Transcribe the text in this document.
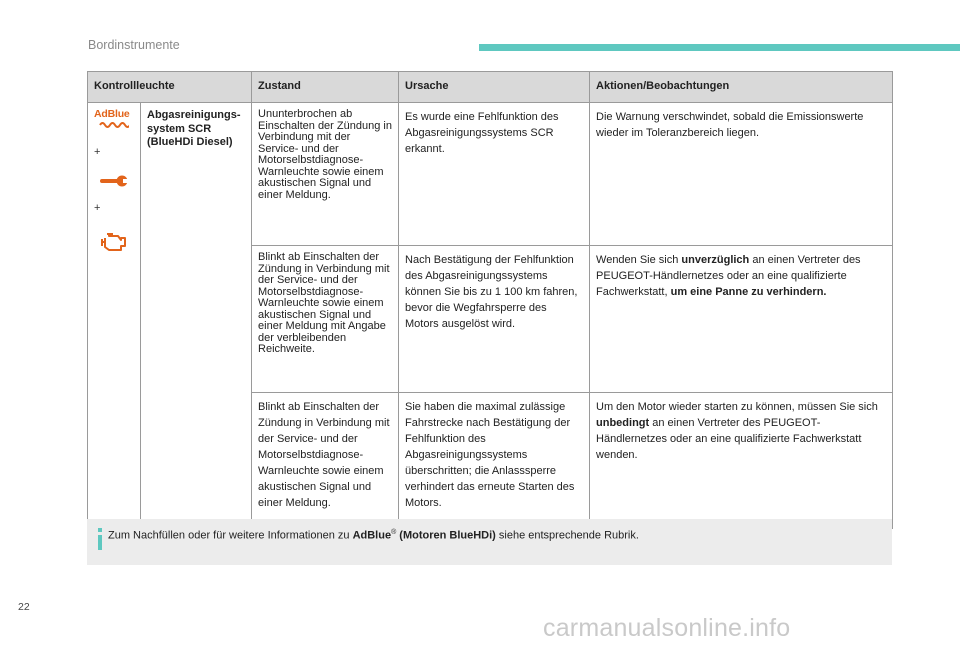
Bordinstrumente
Kontrollleuchte		Zustand	Ursache	Aktionen/Beobachtungen

AdBlue
+
+	Abgasreinigungs-system SCR (BlueHDi Diesel)	Ununterbrochen ab Einschalten der Zündung in Verbindung mit der Service- und der Motorselbstdiagnose-Warnleuchte sowie einem akustischen Signal und einer Meldung.	Es wurde eine Fehlfunktion des Abgasreinigungssystems SCR erkannt.	Die Warnung verschwindet, sobald die Emissionswerte wieder im Toleranzbereich liegen.
		Blinkt ab Einschalten der Zündung in Verbindung mit der Service- und der Motorselbstdiagnose-Warnleuchte sowie einem akustischen Signal und einer Meldung mit Angabe der verbleibenden Reichweite.	Nach Bestätigung der Fehlfunktion des Abgasreinigungssystems können Sie bis zu 1 100 km fahren, bevor die Wegfahrsperre des Motors ausgelöst wird.	Wenden Sie sich unverzüglich an einen Vertreter des PEUGEOT-Händlernetzes oder an eine qualifizierte Fachwerkstatt, um eine Panne zu verhindern.
		Blinkt ab Einschalten der Zündung in Verbindung mit der Service- und der Motorselbstdiagnose-Warnleuchte sowie einem akustischen Signal und einer Meldung.	Sie haben die maximal zulässige Fahrstrecke nach Bestätigung der Fehlfunktion des Abgasreinigungssystems überschritten; die Anlasssperre verhindert das erneute Starten des Motors.	Um den Motor wieder starten zu können, müssen Sie sich unbedingt an einen Vertreter des PEUGEOT-Händlernetzes oder an eine qualifizierte Fachwerkstatt wenden.
Zum Nachfüllen oder für weitere Informationen zu AdBlue® (Motoren BlueHDi) siehe entsprechende Rubrik.
22
carmanualsonline.info
